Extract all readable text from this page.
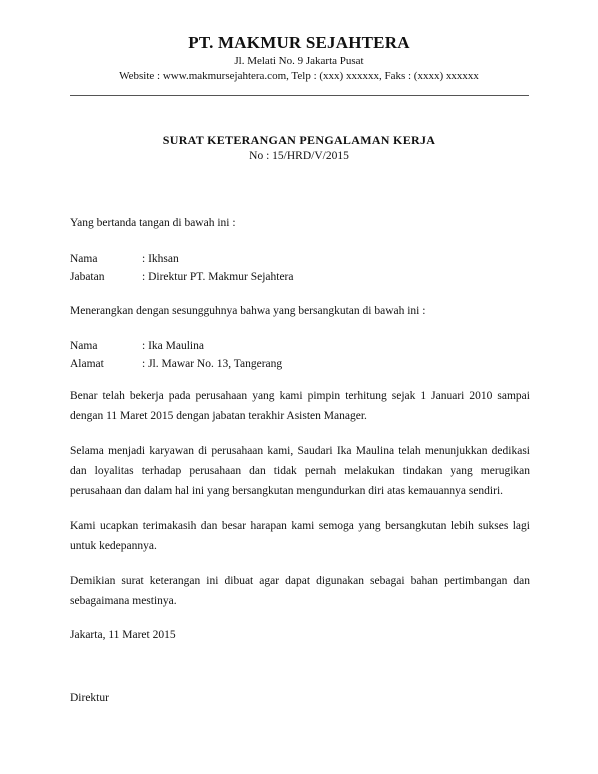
PT. MAKMUR SEJAHTERA
Jl. Melati No. 9 Jakarta Pusat
Website : www.makmursejahtera.com, Telp : (xxx) xxxxxx, Faks : (xxxx) xxxxxx
SURAT KETERANGAN PENGALAMAN KERJA
No : 15/HRD/V/2015

Yang bertanda tangan di bawah ini :

Nama	: Ikhsan
Jabatan	: Direktur PT. Makmur Sejahtera

Menerangkan dengan sesungguhnya bahwa yang bersangkutan di bawah ini :

Nama	: Ika Maulina
Alamat	: Jl. Mawar No. 13, Tangerang

Benar telah bekerja pada perusahaan yang kami pimpin terhitung sejak 1 Januari 2010 sampai dengan 11 Maret 2015 dengan jabatan terakhir Asisten Manager.

Selama menjadi karyawan di perusahaan kami, Saudari Ika Maulina telah menunjukkan dedikasi dan loyalitas terhadap perusahaan dan tidak pernah melakukan tindakan yang merugikan perusahaan dan dalam hal ini yang bersangkutan mengundurkan diri atas kemauannya sendiri.

Kami ucapkan terimakasih dan besar harapan kami semoga yang bersangkutan lebih sukses lagi untuk kedepannya.

Demikian surat keterangan ini dibuat agar dapat digunakan sebagai bahan pertimbangan dan sebagaimana mestinya.

Jakarta, 11 Maret 2015

Direktur
